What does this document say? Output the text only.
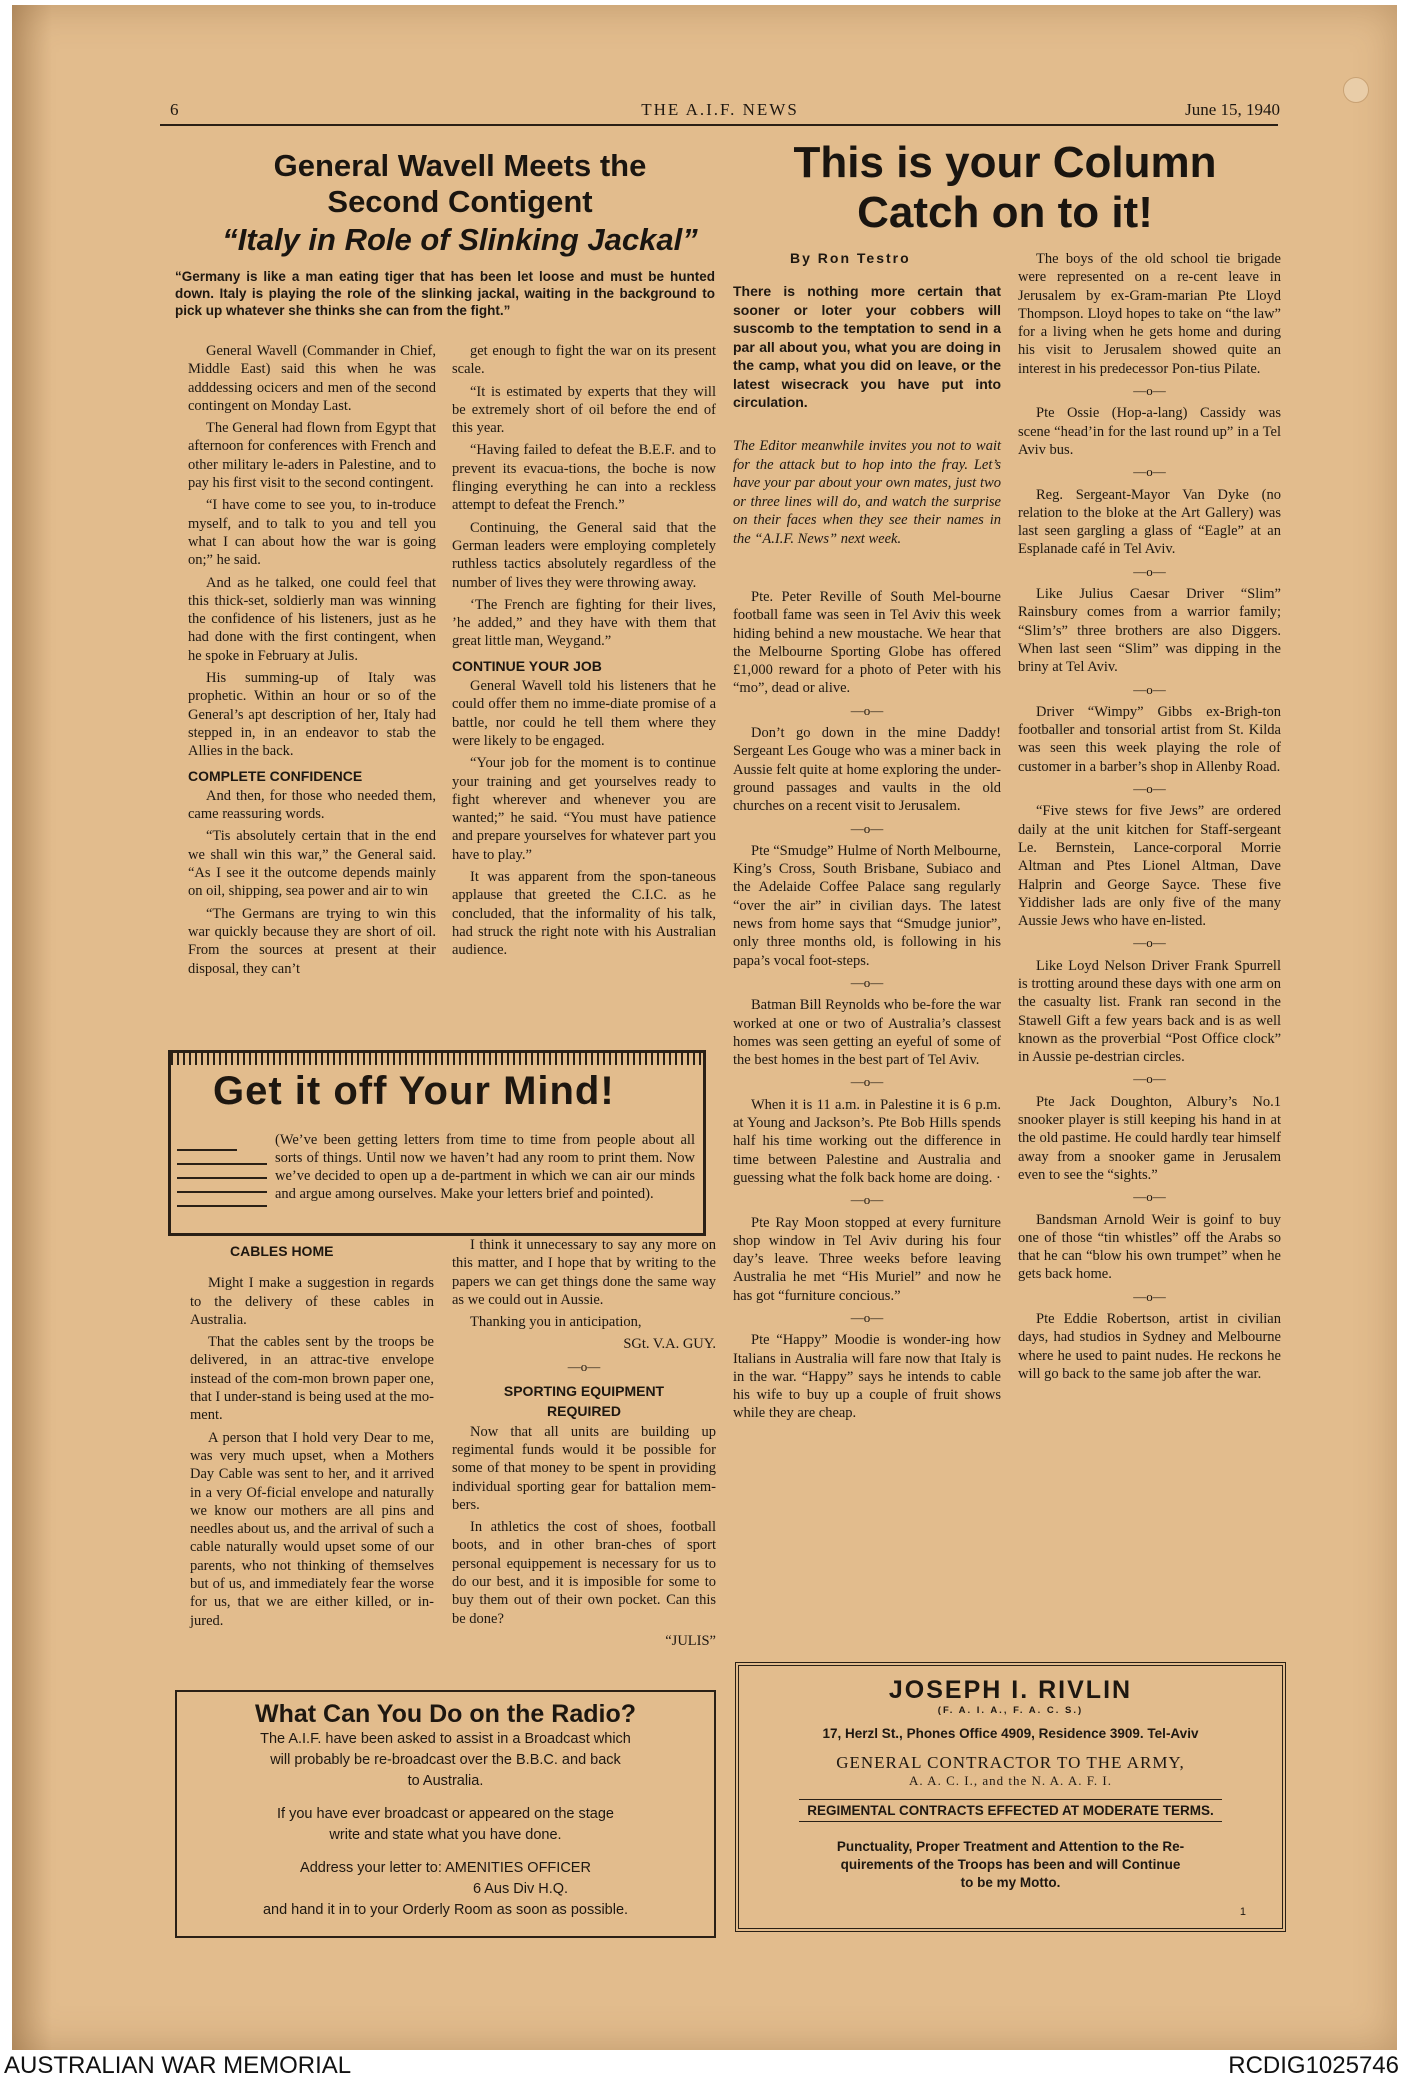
6	THE A.I.F. NEWS	June 15, 1940
General Wavell Meets the
Second Contigent
“Italy in Role of Slinking Jackal”
“Germany is like a man eating tiger that has been let loose and must be hunted down. Italy is playing the role of the slinking jackal, waiting in the background to pick up whatever she thinks she can from the fight.”

General Wavell (Commander in Chief, Middle East) said this when he was adddessing ocicers and men of the second contingent on Monday Last.

The General had flown from Egypt that afternoon for conferences with French and other military le-aders in Palestine, and to pay his first visit to the second contingent.

“I have come to see you, to in-troduce myself, and to talk to you and tell you what I can about how the war is going on;” he said.

And as he talked, one could feel that this thick-set, soldierly man was winning the confidence of his listeners, just as he had done with the first contingent, when he spoke in February at Julis.

His summing-up of Italy was prophetic. Within an hour or so of the General’s apt description of her, Italy had stepped in, in an endeavor to stab the Allies in the back.

COMPLETE CONFIDENCE

And then, for those who needed them, came reassuring words.

“Tis absolutely certain that in the end we shall win this war,” the General said. “As I see it the outcome depends mainly on oil, shipping, sea power and air to win

“The Germans are trying to win this war quickly because they are short of oil. From the sources at present at their disposal, they can’t

get enough to fight the war on its present scale.

“It is estimated by experts that they will be extremely short of oil before the end of this year.

“Having failed to defeat the B.E.F. and to prevent its evacua-tions, the boche is now flinging everything he can into a reckless attempt to defeat the French.”

Continuing, the General said that the German leaders were employing completely ruthless tactics absolutely regardless of the number of lives they were throwing away.

‘The French are fighting for their lives, ’he added,” and they have with them that great little man, Weygand.”

CONTINUE YOUR JOB

General Wavell told his listeners that he could offer them no imme-diate promise of a battle, nor could he tell them where they were likely to be engaged.

“Your job for the moment is to continue your training and get yourselves ready to fight wherever and whenever you are wanted;” he said. “You must have patience and prepare yourselves for whatever part you have to play.”

It was apparent from the spon-taneous applause that greeted the C.I.C. as he concluded, that the informality of his talk, had struck the right note with his Australian audience.

Get it off Your Mind!
(We’ve been getting letters from time to time from people about all sorts of things. Until now we haven’t had any room to print them. Now we’ve decided to open up a de-partment in which we can air our minds and argue among ourselves. Make your letters brief and pointed).

CABLES HOME

Might I make a suggestion in regards to the delivery of these cables in Australia.

That the cables sent by the troops be delivered, in an attrac-tive envelope instead of the com-mon brown paper one, that I under-stand is being used at the mo-ment.

A person that I hold very Dear to me, was very much upset, when a Mothers Day Cable was sent to her, and it arrived in a very Of-ficial envelope and naturally we know our mothers are all pins and needles about us, and the arrival of such a cable naturally would upset some of our parents, who not thinking of themselves but of us, and immediately fear the worse for us, that we are either killed, or in-jured.

I think it unnecessary to say any more on this matter, and I hope that by writing to the papers we can get things done the same way as we could out in Aussie.

Thanking you in anticipation,

SGt. V.A. GUY.

—o—

SPORTING EQUIPMENT

REQUIRED

Now that all units are building up regimental funds would it be possible for some of that money to be spent in providing individual sporting gear for battalion mem-bers.

In athletics the cost of shoes, football boots, and in other bran-ches of sport personal equippement is necessary for us to do our best, and it is imposible for some to buy them out of their own pocket. Can this be done?

“JULIS”

What Can You Do on the Radio?
The A.I.F. have been asked to assist in a Broadcast which
will probably be re-broadcast over the B.B.C. and back
to Australia.
If you have ever broadcast or appeared on the stage
write and state what you have done.
Address your letter to: AMENITIES OFFICER
6 Aus Div H.Q.
and hand it in to your Orderly Room as soon as possible.
This is your Column
Catch on to it!
By Ron Testro
There is nothing more certain that sooner or loter your cobbers will suscomb to the temptation to send in a par all about you, what you are doing in the camp, what you did on leave, or the latest wisecrack you have put into circulation.
The Editor meanwhile invites you not to wait for the attack but to hop into the fray. Let’s have your par about your own mates, just two or three lines will do, and watch the surprise on their faces when they see their names in the “A.I.F. News” next week.

Pte. Peter Reville of South Mel-bourne football fame was seen in Tel Aviv this week hiding behind a new moustache. We hear that the Melbourne Sporting Globe has offered £1,000 reward for a photo of Peter with his “mo”, dead or alive.

—o—

Don’t go down in the mine Daddy! Sergeant Les Gouge who was a miner back in Aussie felt quite at home exploring the under-ground passages and vaults in the old churches on a recent visit to Jerusalem.

—o—

Pte “Smudge” Hulme of North Melbourne, King’s Cross, South Brisbane, Subiaco and the Adelaide Coffee Palace sang regularly “over the air” in civilian days. The latest news from home says that “Smudge junior”, only three months old, is following in his papa’s vocal foot-steps.

—o—

Batman Bill Reynolds who be-fore the war worked at one or two of Australia’s classest homes was seen getting an eyeful of some of the best homes in the best part of Tel Aviv.

—o—

When it is 11 a.m. in Palestine it is 6 p.m. at Young and Jackson’s. Pte Bob Hills spends half his time working out the difference in time between Palestine and Australia and guessing what the folk back home are doing. ·

—o—

Pte Ray Moon stopped at every furniture shop window in Tel Aviv during his four day’s leave. Three weeks before leaving Australia he met “His Muriel” and now he has got “furniture concious.”

—o—

Pte “Happy” Moodie is wonder-ing how Italians in Australia will fare now that Italy is in the war. “Happy” says he intends to cable his wife to buy up a couple of fruit shows while they are cheap.

The boys of the old school tie brigade were represented on a re-cent leave in Jerusalem by ex-Gram-marian Pte Lloyd Thompson. Lloyd hopes to take on “the law” for a living when he gets home and during his visit to Jerusalem showed quite an interest in his predecessor Pon-tius Pilate.

—o—

Pte Ossie (Hop-a-lang) Cassidy was scene “head’in for the last round up” in a Tel Aviv bus.

—o—

Reg. Sergeant-Mayor Van Dyke (no relation to the bloke at the Art Gallery) was last seen gargling a glass of “Eagle” at an Esplanade café in Tel Aviv.

—o—

Like Julius Caesar Driver “Slim” Rainsbury comes from a warrior family; “Slim’s” three brothers are also Diggers. When last seen “Slim” was dipping in the briny at Tel Aviv.

—o—

Driver “Wimpy” Gibbs ex-Brigh-ton footballer and tonsorial artist from St. Kilda was seen this week playing the role of customer in a barber’s shop in Allenby Road.

—o—

“Five stews for five Jews” are ordered daily at the unit kitchen for Staff-sergeant Le. Bernstein, Lance-corporal Morrie Altman and Ptes Lionel Altman, Dave Halprin and George Sayce. These five Yiddisher lads are only five of the many Aussie Jews who have en-listed.

—o—

Like Loyd Nelson Driver Frank Spurrell is trotting around these days with one arm on the casualty list. Frank ran second in the Stawell Gift a few years back and is as well known as the proverbial “Post Office clock” in Aussie pe-destrian circles.

—o—

Pte Jack Doughton, Albury’s No.1 snooker player is still keeping his hand in at the old pastime. He could hardly tear himself away from a snooker game in Jerusalem even to see the “sights.”

—o—

Bandsman Arnold Weir is goinf to buy one of those “tin whistles” off the Arabs so that he can “blow his own trumpet” when he gets back home.

—o—

Pte Eddie Robertson, artist in civilian days, had studios in Sydney and Melbourne where he used to paint nudes. He reckons he will go back to the same job after the war.

JOSEPH I. RIVLIN
(F. A. I. A., F. A. C. S.)
17, Herzl St., Phones Office 4909, Residence 3909. Tel-Aviv
GENERAL CONTRACTOR TO THE ARMY,
A. A. C. I., and the N. A. A. F. I.
REGIMENTAL CONTRACTS EFFECTED AT MODERATE TERMS.
Punctuality, Proper Treatment and Attention to the Re-
quirements of the Troops has been and will Continue
to be my Motto.
1
AUSTRALIAN WAR MEMORIAL	RCDIG1025746
